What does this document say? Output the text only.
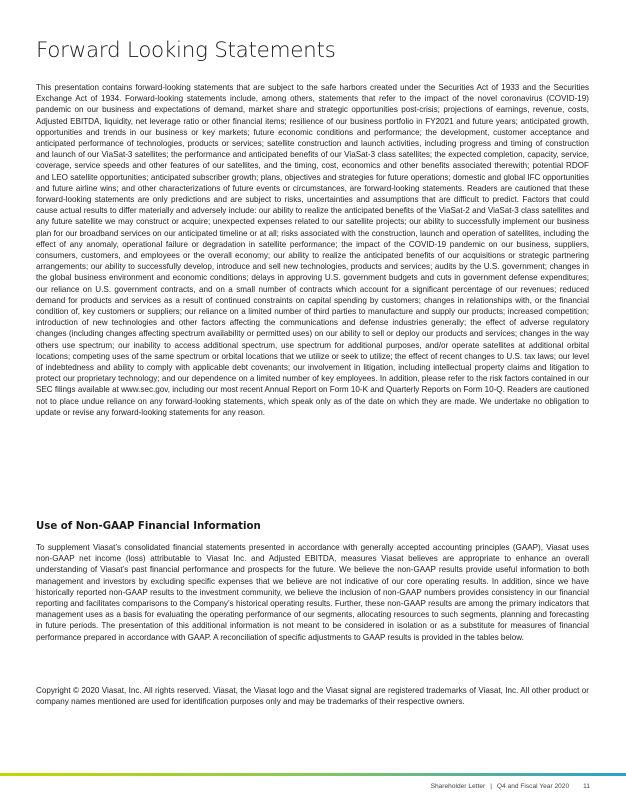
Forward Looking Statements

This presentation contains forward-looking statements that are subject to the safe harbors created under the Securities Act of 1933 and the Securities Exchange Act of 1934. Forward-looking statements include, among others, statements that refer to the impact of the novel coronavirus (COVID-19) pandemic on our business and expectations of demand, market share and strategic opportunities post-crisis; projections of earnings, revenue, costs, Adjusted EBITDA, liquidity, net leverage ratio or other financial items; resilience of our business portfolio in FY2021 and future years; anticipated growth, opportunities and trends in our business or key markets; future economic conditions and performance; the development, customer acceptance and anticipated performance of technologies, products or services; satellite construction and launch activities, including progress and timing of construction and launch of our ViaSat-3 satellites; the performance and anticipated benefits of our ViaSat-3 class satellites; the expected completion, capacity, service, coverage, service speeds and other features of our satellites, and the timing, cost, economics and other benefits associated therewith; potential RDOF and LEO satellite opportunities; anticipated subscriber growth; plans, objectives and strategies for future operations; domestic and global IFC opportunities and future airline wins; and other characterizations of future events or circumstances, are forward-looking statements. Readers are cautioned that these forward-looking statements are only predictions and are subject to risks, uncertainties and assumptions that are difficult to predict. Factors that could cause actual results to differ materially and adversely include: our ability to realize the anticipated benefits of the ViaSat-2 and ViaSat-3 class satellites and any future satellite we may construct or acquire; unexpected expenses related to our satellite projects; our ability to successfully implement our business plan for our broadband services on our anticipated timeline or at all; risks associated with the construction, launch and operation of satellites, including the effect of any anomaly, operational failure or degradation in satellite performance; the impact of the COVID-19 pandemic on our business, suppliers, consumers, customers, and employees or the overall economy; our ability to realize the anticipated benefits of our acquisitions or strategic partnering arrangements; our ability to successfully develop, introduce and sell new technologies, products and services; audits by the U.S. government; changes in the global business environment and economic conditions; delays in approving U.S. government budgets and cuts in government defense expenditures; our reliance on U.S. government contracts, and on a small number of contracts which account for a significant percentage of our revenues; reduced demand for products and services as a result of continued constraints on capital spending by customers; changes in relationships with, or the financial condition of, key customers or suppliers; our reliance on a limited number of third parties to manufacture and supply our products; increased competition; introduction of new technologies and other factors affecting the communications and defense industries generally; the effect of adverse regulatory changes (including changes affecting spectrum availability or permitted uses) on our ability to sell or deploy our products and services; changes in the way others use spectrum; our inability to access additional spectrum, use spectrum for additional purposes, and/or operate satellites at additional orbital locations; competing uses of the same spectrum or orbital locations that we utilize or seek to utilize; the effect of recent changes to U.S. tax laws; our level of indebtedness and ability to comply with applicable debt covenants; our involvement in litigation, including intellectual property claims and litigation to protect our proprietary technology; and our dependence on a limited number of key employees. In addition, please refer to the risk factors contained in our SEC filings available at www.sec.gov, including our most recent Annual Report on Form 10-K and Quarterly Reports on Form 10-Q. Readers are cautioned not to place undue reliance on any forward-looking statements, which speak only as of the date on which they are made. We undertake no obligation to update or revise any forward-looking statements for any reason.

Use of Non-GAAP Financial Information

To supplement Viasat’s consolidated financial statements presented in accordance with generally accepted accounting principles (GAAP), Viasat uses non-GAAP net income (loss) attributable to Viasat Inc. and Adjusted EBITDA, measures Viasat believes are appropriate to enhance an overall understanding of Viasat’s past financial performance and prospects for the future. We believe the non-GAAP results provide useful information to both management and investors by excluding specific expenses that we believe are not indicative of our core operating results. In addition, since we have historically reported non-GAAP results to the investment community, we believe the inclusion of non-GAAP numbers provides consistency in our financial reporting and facilitates comparisons to the Company’s historical operating results. Further, these non-GAAP results are among the primary indicators that management uses as a basis for evaluating the operating performance of our segments, allocating resources to such segments, planning and forecasting in future periods. The presentation of this additional information is not meant to be considered in isolation or as a substitute for measures of financial performance prepared in accordance with GAAP. A reconciliation of specific adjustments to GAAP results is provided in the tables below.

Copyright © 2020 Viasat, Inc. All rights reserved. Viasat, the Viasat logo and the Viasat signal are registered trademarks of Viasat, Inc. All other product or company names mentioned are used for identification purposes only and may be trademarks of their respective owners.

Shareholder Letter | Q4 and Fiscal Year 2020 11
